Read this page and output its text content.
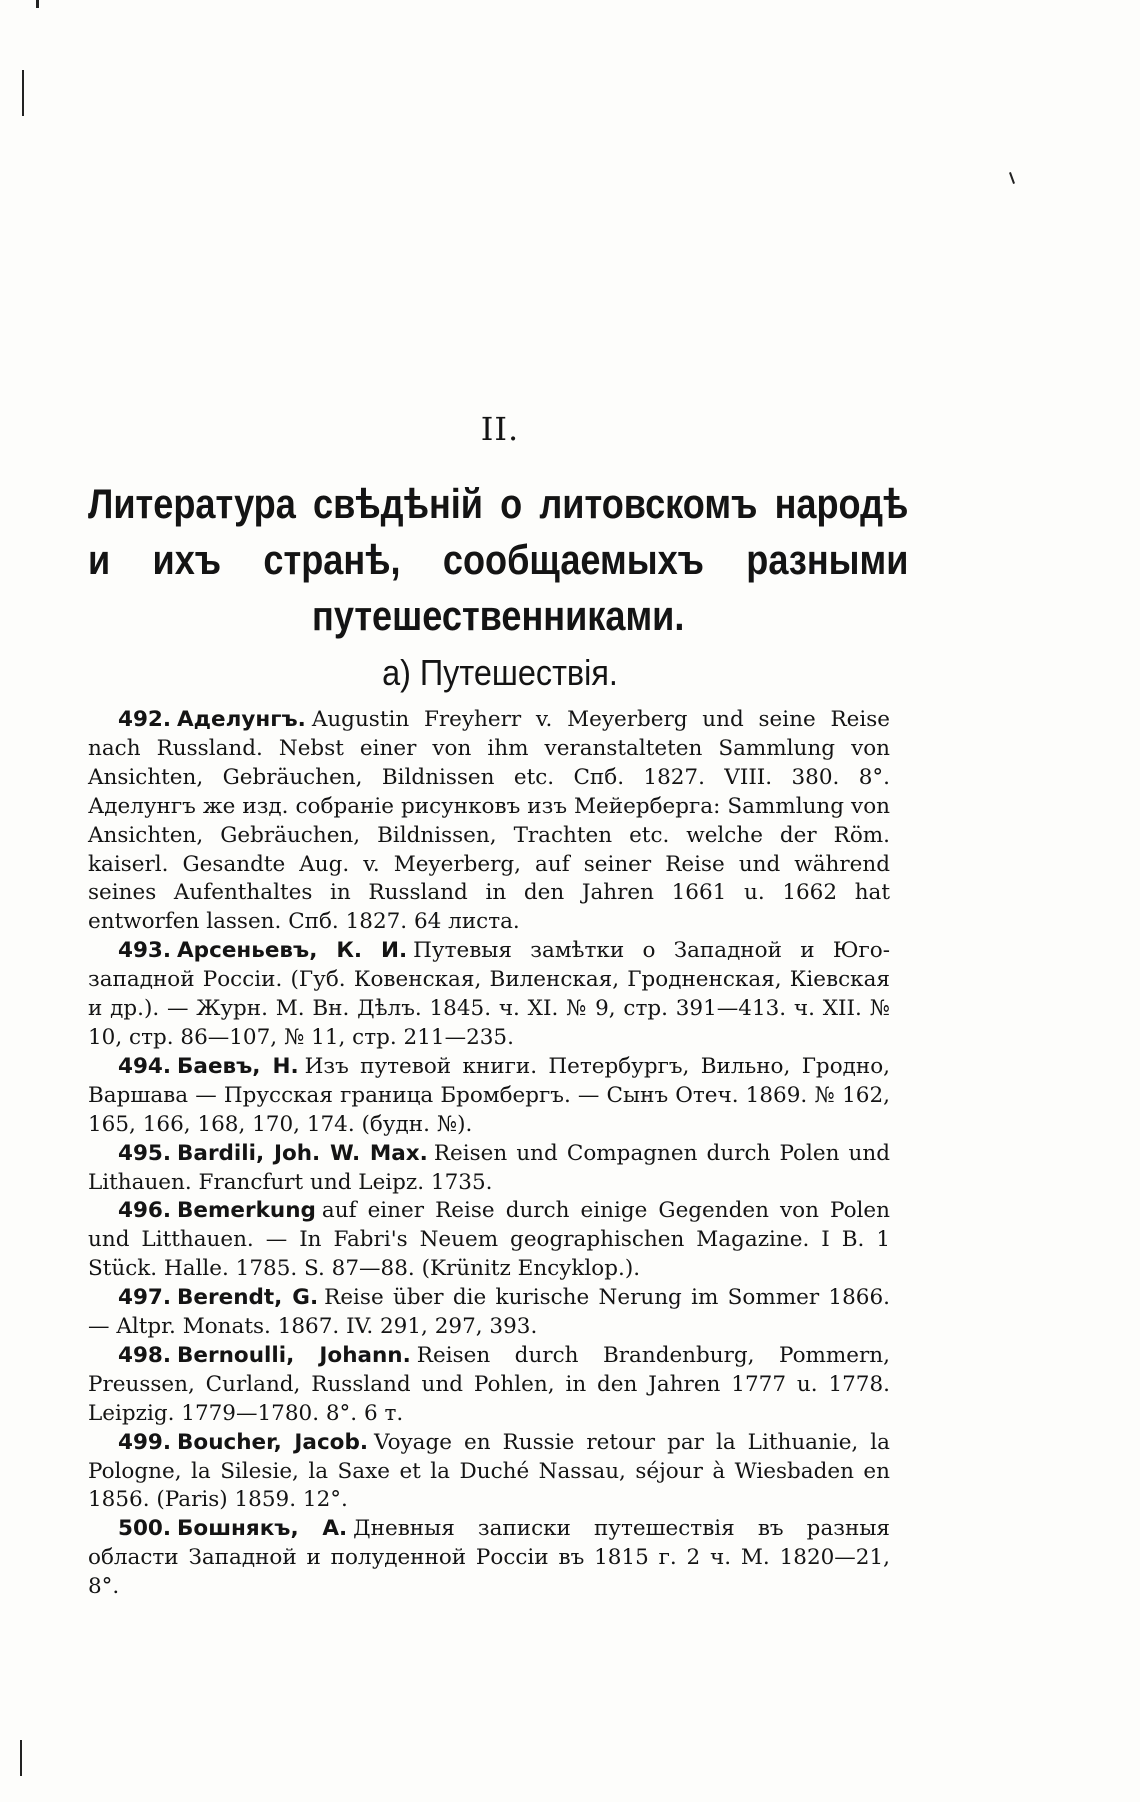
II.
Литература свѣдѣній о литовскомъ народѣ и ихъ странѣ, сообщаемыхъ разными путешественниками.
a) Путешествія.

492. Аделунгъ. Augustin Freyherr v. Meyerberg und seine Reise nach Russland. Nebst einer von ihm veranstalteten Sammlung von Ansichten, Gebräuchen, Bildnissen etc. Спб. 1827. VIII. 380. 8°. Аделунгъ же изд. собраніе рисунковъ изъ Мейерберга: Sammlung von Ansichten, Gebräuchen, Bildnissen, Trachten etc. welche der Röm. kaiserl. Gesandte Aug. v. Meyerberg, auf seiner Reise und während seines Aufenthaltes in Russland in den Jahren 1661 u. 1662 hat entworfen lassen. Спб. 1827. 64 листа.

493. Арсеньевъ, К. И. Путевыя замѣтки о Западной и Юго-западной Россіи. (Губ. Ковенская, Виленская, Гродненская, Кіевская и др.). — Журн. М. Вн. Дѣлъ. 1845. ч. XI. № 9, стр. 391—413. ч. XII. № 10, стр. 86—107, № 11, стр. 211—235.

494. Баевъ, Н. Изъ путевой книги. Петербургъ, Вильно, Гродно, Варшава — Прусская граница Бромбергъ. — Сынъ Отеч. 1869. № 162, 165, 166, 168, 170, 174. (будн. №).

495. Bardili, Joh. W. Max. Reisen und Compagnen durch Polen und Lithauen. Francfurt und Leipz. 1735.

496. Bemerkung auf einer Reise durch einige Gegenden von Polen und Litthauen. — In Fabri's Neuem geographischen Magazine. I B. 1 Stück. Halle. 1785. S. 87—88. (Krünitz Encyklop.).

497. Berendt, G. Reise über die kurische Nerung im Sommer 1866. — Altpr. Monats. 1867. IV. 291, 297, 393.

498. Bernoulli, Johann. Reisen durch Brandenburg, Pommern, Preussen, Curland, Russland und Pohlen, in den Jahren 1777 u. 1778. Leipzig. 1779—1780. 8°. 6 т.

499. Boucher, Jacob. Voyage en Russie retour par la Lithuanie, la Pologne, la Silesie, la Saxe et la Duché Nassau, séjour à Wiesbaden en 1856. (Paris) 1859. 12°.

500. Бошнякъ, А. Дневныя записки путешествія въ разныя области Западной и полуденной Россіи въ 1815 г. 2 ч. М. 1820—21, 8°.
